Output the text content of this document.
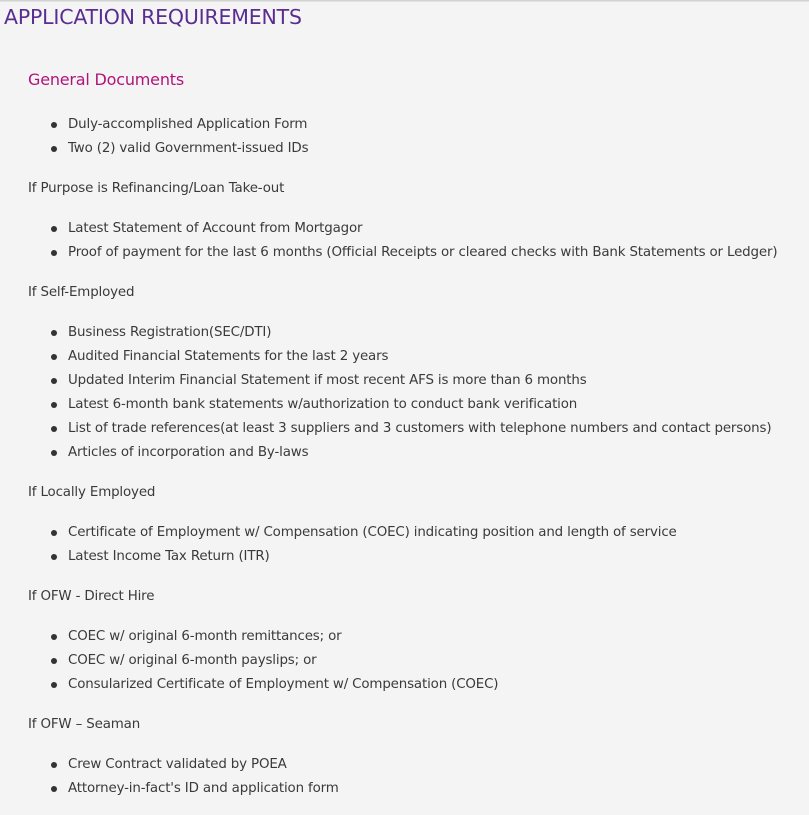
APPLICATION REQUIREMENTS
General Documents
Duly-accomplished Application Form
Two (2) valid Government-issued IDs

If Purpose is Refinancing/Loan Take-out

Latest Statement of Account from Mortgagor
Proof of payment for the last 6 months (Official Receipts or cleared checks with Bank Statements or Ledger)

If Self-Employed

Business Registration(SEC/DTI)
Audited Financial Statements for the last 2 years
Updated Interim Financial Statement if most recent AFS is more than 6 months
Latest 6-month bank statements w/authorization to conduct bank verification
List of trade references(at least 3 suppliers and 3 customers with telephone numbers and contact persons)
Articles of incorporation and By-laws

If Locally Employed

Certificate of Employment w/ Compensation (COEC) indicating position and length of service
Latest Income Tax Return (ITR)

If OFW - Direct Hire

COEC w/ original 6-month remittances; or
COEC w/ original 6-month payslips; or
Consularized Certificate of Employment w/ Compensation (COEC)

If OFW – Seaman

Crew Contract validated by POEA
Attorney-in-fact's ID and application form
